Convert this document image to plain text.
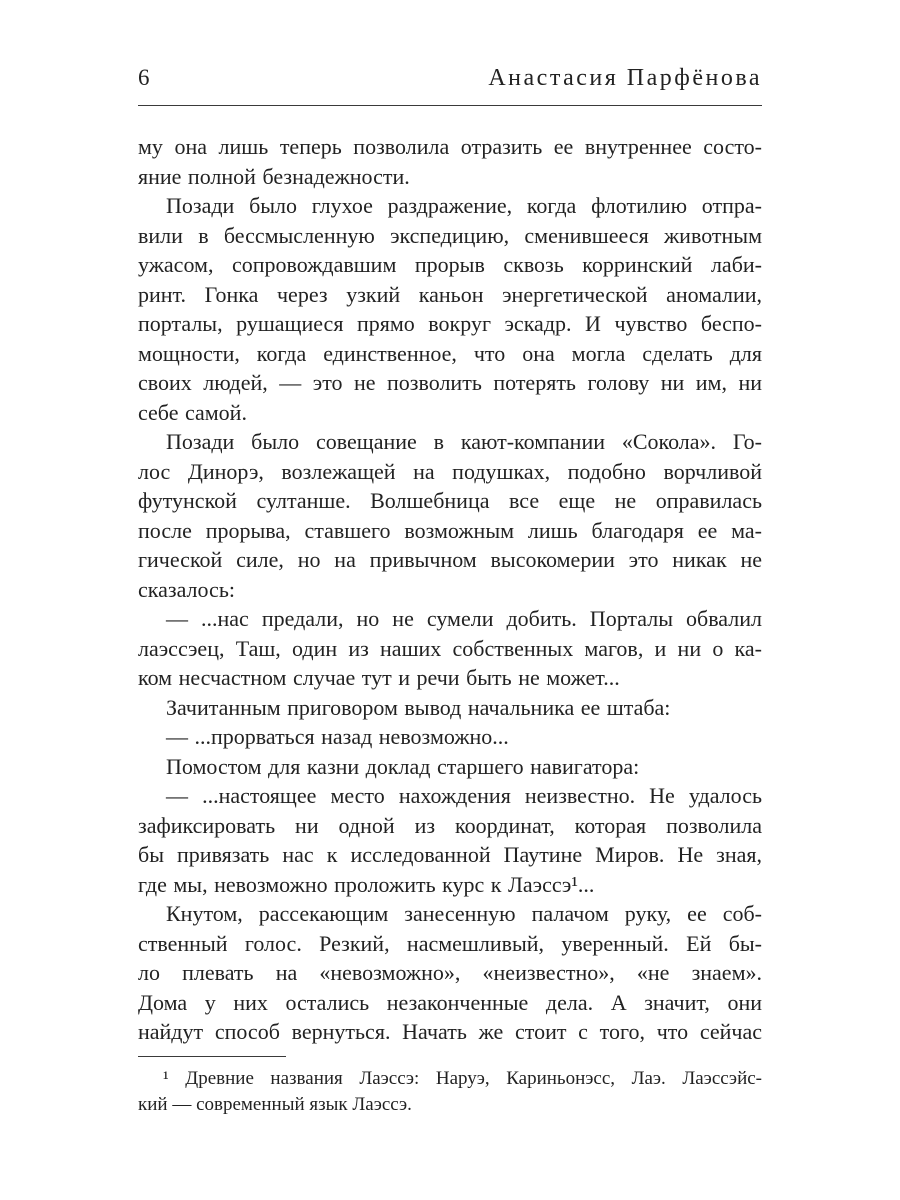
6	Анастасия Парфёнова
му она лишь теперь позволила отразить ее внутреннее состо-
яние полной безнадежности.
Позади было глухое раздражение, когда флотилию отпра-
вили в бессмысленную экспедицию, сменившееся животным
ужасом, сопровождавшим прорыв сквозь корринский лаби-
ринт. Гонка через узкий каньон энергетической аномалии,
порталы, рушащиеся прямо вокруг эскадр. И чувство беспо-
мощности, когда единственное, что она могла сделать для
своих людей, — это не позволить потерять голову ни им, ни
себе самой.
Позади было совещание в кают-компании «Сокола». Го-
лос Динорэ, возлежащей на подушках, подобно ворчливой
футунской султанше. Волшебница все еще не оправилась
после прорыва, ставшего возможным лишь благодаря ее ма-
гической силе, но на привычном высокомерии это никак не
сказалось:
— ...нас предали, но не сумели добить. Порталы обвалил
лаэссэец, Таш, один из наших собственных магов, и ни о ка-
ком несчастном случае тут и речи быть не может...
Зачитанным приговором вывод начальника ее штаба:
— ...прорваться назад невозможно...
Помостом для казни доклад старшего навигатора:
— ...настоящее место нахождения неизвестно. Не удалось
зафиксировать ни одной из координат, которая позволила
бы привязать нас к исследованной Паутине Миров. Не зная,
где мы, невозможно проложить курс к Лаэссэ¹...
Кнутом, рассекающим занесенную палачом руку, ее соб-
ственный голос. Резкий, насмешливый, уверенный. Ей бы-
ло плевать на «невозможно», «неизвестно», «не знаем».
Дома у них остались незаконченные дела. А значит, они
найдут способ вернуться. Начать же стоит с того, что сейчас
¹ Древние названия Лаэссэ: Наруэ, Кариньонэсс, Лаэ. Лаэссэйс-
кий — современный язык Лаэссэ.
